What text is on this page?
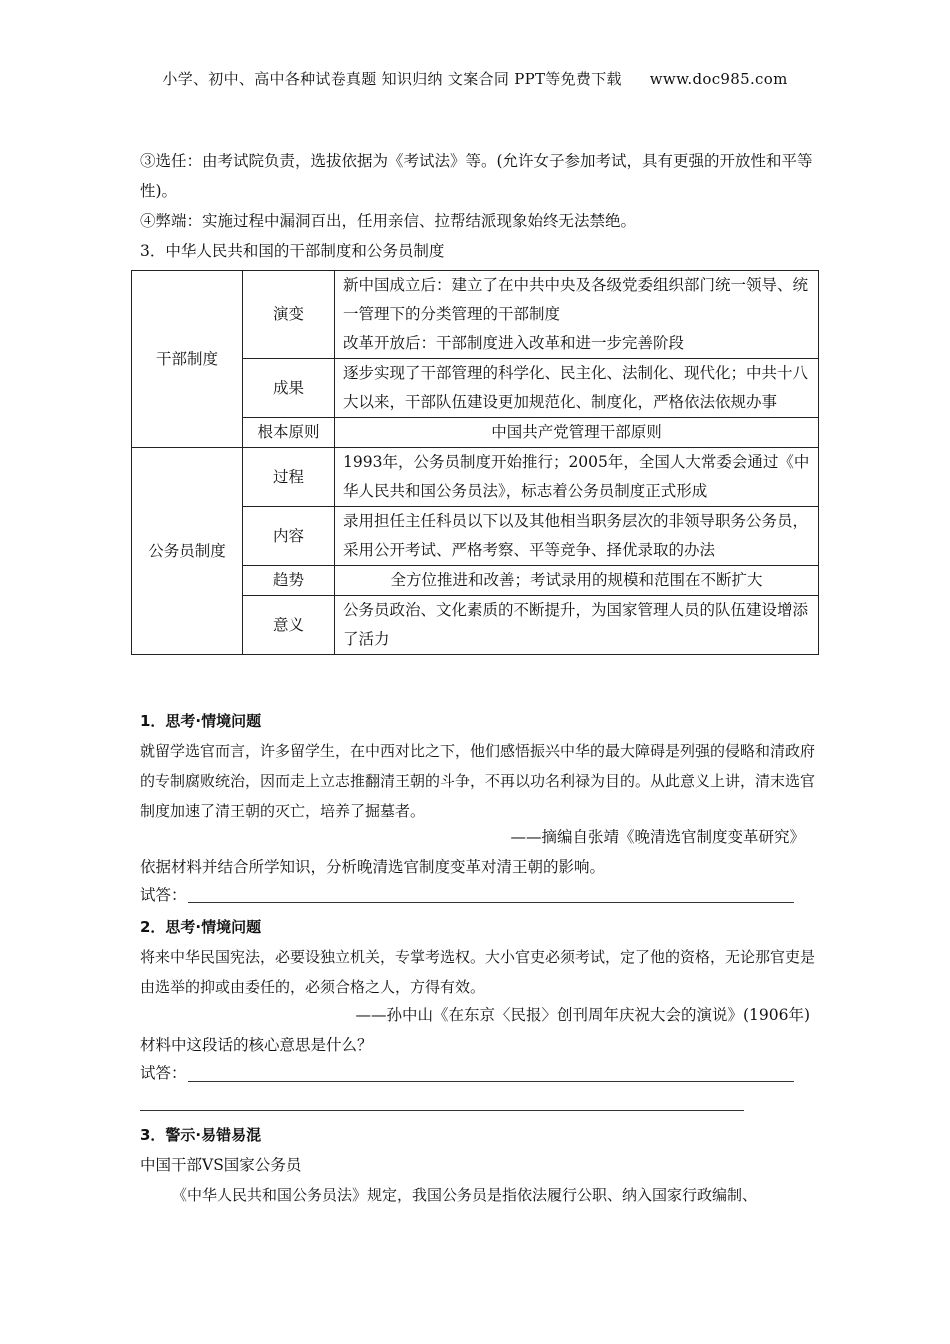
小学、初中、高中各种试卷真题 知识归纳 文案合同 PPT等免费下载 www.doc985.com
③选任：由考试院负责，选拔依据为《考试法》等。(允许女子参加考试，具有更强的开放性和平等性)。
④弊端：实施过程中漏洞百出，任用亲信、拉帮结派现象始终无法禁绝。
3．中华人民共和国的干部制度和公务员制度
干部制度	演变	新中国成立后：建立了在中共中央及各级党委组织部门统一领导、统一管理下的分类管理的干部制度
改革开放后：干部制度进入改革和进一步完善阶段

	成果	逐步实现了干部管理的科学化、民主化、法制化、现代化；中共十八大以来，干部队伍建设更加规范化、制度化，严格依法依规办事
	根本原则	中国共产党管理干部原则
公务员制度	过程	1993年，公务员制度开始推行；2005年，全国人大常委会通过《中华人民共和国公务员法》，标志着公务员制度正式形成
	内容	录用担任主任科员以下以及其他相当职务层次的非领导职务公务员，采用公开考试、严格考察、平等竞争、择优录取的办法
	趋势	全方位推进和改善；考试录用的规模和范围在不断扩大
	意义	公务员政治、文化素质的不断提升，为国家管理人员的队伍建设增添了活力
1．思考·情境问题
就留学选官而言，许多留学生，在中西对比之下，他们感悟振兴中华的最大障碍是列强的侵略和清政府的专制腐败统治，因而走上立志推翻清王朝的斗争，不再以功名利禄为目的。从此意义上讲，清末选官制度加速了清王朝的灭亡，培养了掘墓者。
——摘编自张靖《晚清选官制度变革研究》
依据材料并结合所学知识，分析晚清选官制度变革对清王朝的影响。
试答：
2．思考·情境问题
将来中华民国宪法，必要设独立机关，专掌考选权。大小官吏必须考试，定了他的资格，无论那官吏是由选举的抑或由委任的，必须合格之人，方得有效。
——孙中山《在东京〈民报〉创刊周年庆祝大会的演说》(1906年)
材料中这段话的核心意思是什么？
试答：
3．警示·易错易混
中国干部VS国家公务员
《中华人民共和国公务员法》规定，我国公务员是指依法履行公职、纳入国家行政编制、
